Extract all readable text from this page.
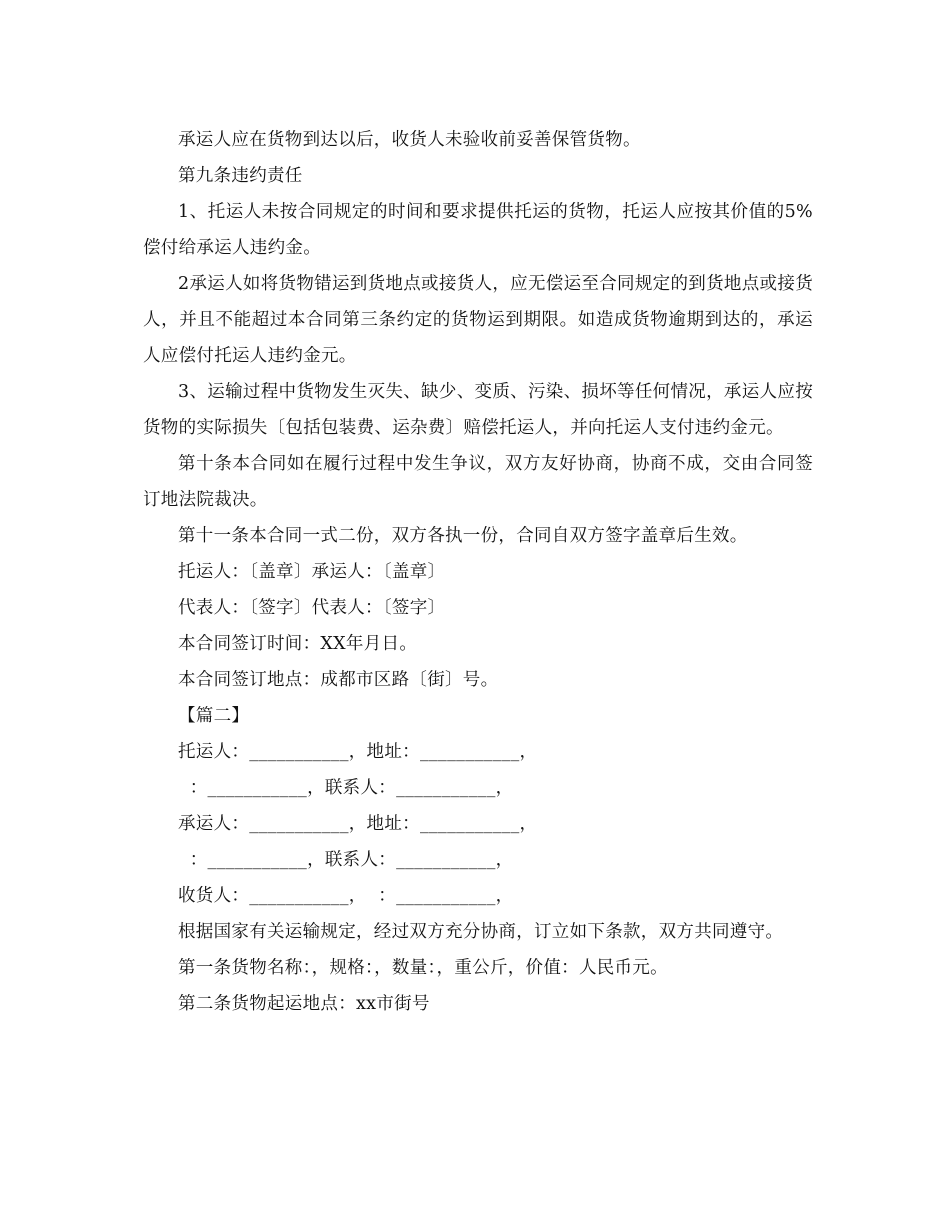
承运人应在货物到达以后，收货人未验收前妥善保管货物。

第九条违约责任

1、托运人未按合同规定的时间和要求提供托运的货物，托运人应按其价值的5%偿付给承运人违约金。

2承运人如将货物错运到货地点或接货人，应无偿运至合同规定的到货地点或接货人，并且不能超过本合同第三条约定的货物运到期限。如造成货物逾期到达的，承运人应偿付托运人违约金元。

3、运输过程中货物发生灭失、缺少、变质、污染、损坏等任何情况，承运人应按货物的实际损失〔包括包装费、运杂费〕赔偿托运人，并向托运人支付违约金元。

第十条本合同如在履行过程中发生争议，双方友好协商，协商不成，交由合同签订地法院裁决。

第十一条本合同一式二份，双方各执一份，合同自双方签字盖章后生效。

托运人：〔盖章〕承运人：〔盖章〕

代表人：〔签字〕代表人：〔签字〕

本合同签订时间：XX年月日。

本合同签订地点：成都市区路〔街〕号。

【篇二】

托运人：___________，地址：___________，

：___________，联系人：___________，

承运人：___________，地址：___________，

：___________，联系人：___________，

收货人：___________，  ：___________，

根据国家有关运输规定，经过双方充分协商，订立如下条款，双方共同遵守。

第一条货物名称：，规格：，数量：，重公斤，价值：人民币元。

第二条货物起运地点：xx市街号
